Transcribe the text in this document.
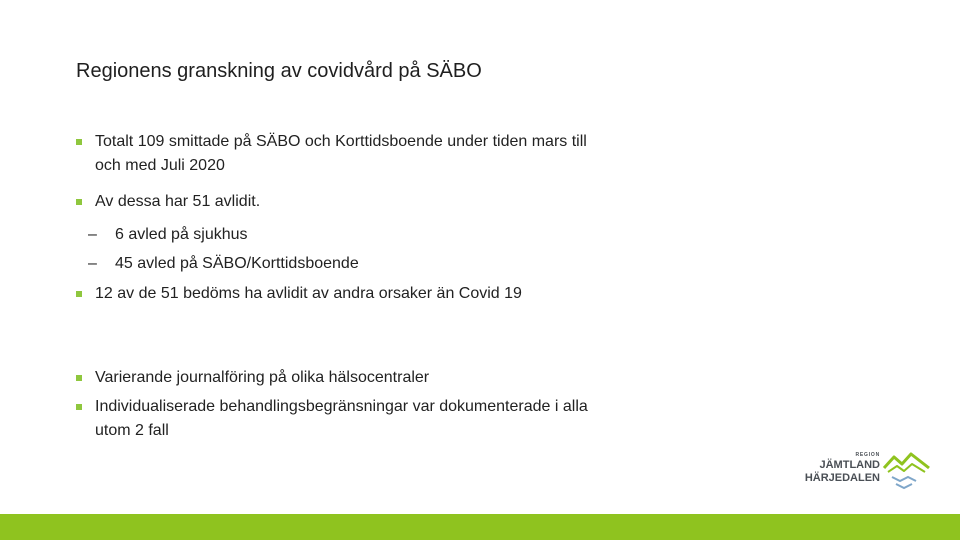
Regionens granskning av covidvård på SÄBO
Totalt 109 smittade på SÄBO och Korttidsboende under tiden mars till och med Juli 2020
Av dessa har 51 avlidit.
– 6 avled på sjukhus
– 45 avled på SÄBO/Korttidsboende
12 av de 51 bedöms ha avlidit av andra orsaker än Covid 19
Varierande journalföring på olika hälsocentraler
Individualiserade behandlingsbegränsningar var dokumenterade i alla utom 2 fall
REGION
JÄMTLAND
HÄRJEDALEN
